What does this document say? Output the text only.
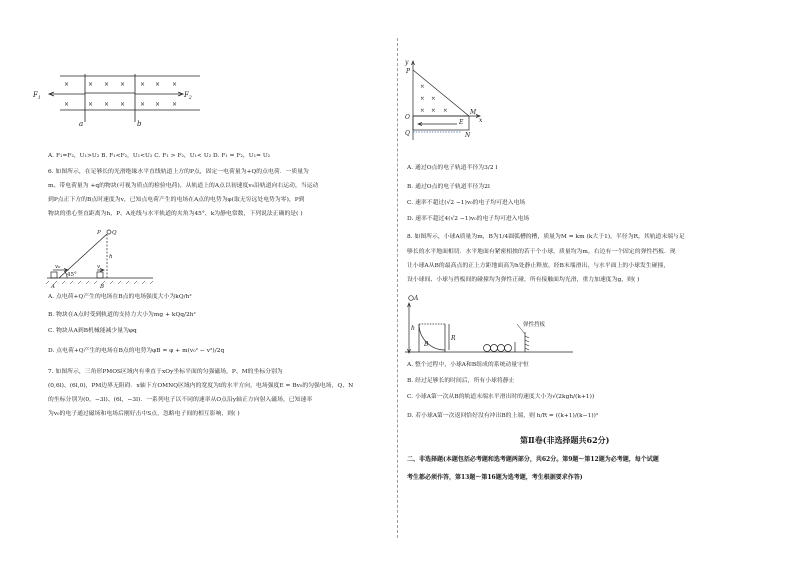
×	× × × × × ×
×	× × × × × ×
$F_1$	$F_2$
a	b
A. F₁=F₂，U₁>U₂ B. F₁<F₂，U₁<U₂ C. F₁ > F₂，U₁< U₂ D. F₁ = F₂，U₁= U₂
6. 如图所示，在足够长的光滑绝缘水平直线轨道上方的P点，固定一电荷量为+Q的点电荷．一质量为
m、带电荷量为 +q的物块(可视为质点的检验电荷)，从轨道上的A点以初速度v₀沿轨道向右运动，当运动
到P点正下方的B点时速度为v，已知点电荷产生的电场在A点的电势为φ(取无穷远处电势为零)，P到
物块的重心竖直距离为h，P、A连线与水平轨道的夹角为45°，k为静电常数，下列说法正确的是( )
P Q
h
v₀	v
45°
A	B
A. 点电荷+Q产生的电场在B点的电场强度大小为kQ/h²
B. 物块在A点时受到轨道的支持力大小为mg + kQq/2h²
C. 物块从A到B机械能减少量为φq
D. 点电荷+Q产生的电场在B点的电势为φB = φ + m(v₀² − v²)/2q
7. 如图所示，三角形PMOS区域内有垂直于xOy坐标平面的匀强磁场，P、M的坐标分别为
(0,6l)、(6l,0)，PM边界无阻碍．x轴下方OMNQ区域内的宽度为l的水平方向，电场强度E = Bv₀的匀强电场，Q、N
的坐标分别为(0，−3l)、(6l，−3l)．一系列电子以不同的速率从O点沿y轴正方向射入磁场，已知速率
为v₀的电子通过磁场和电场后刚好击中S点，忽略电子间的相互影响，则( )
×
× ×
× × ×
y
P
M
O	x
E
Q	N
A. 通过O点的电子轨道半径为3/2 l
B. 通过O点的电子轨道半径为2l
C. 速率不超过(√2 −1)v₀的电子均可进入电场
D. 速率不超过4(√2 −1)v₀的电子均可进入电场
8. 如图所示，小球A质量为m，B为1/4圆弧槽的槽，质量为M = km (k大于1)，半径为R，其轨道末端与足
够长的水平地面相切．水平地面有紧密相挨的若干个小球，质量均为m，右边有一个固定的弹性挡板．现
让小球A从B的最高点的正上方距地面高为h处静止释放，经B末端滑出，与水平面上的小球发生碰撞，
设小球间、小球与挡板间的碰撞均为弹性正碰，所有接触面均光滑，重力加速度为g，则( )
A
h
R
B
弹性挡板
A. 整个过程中，小球A和B组成的系统动量守恒
B. 经过足够长的时间后，所有小球将静止
C. 小球A第一次从B的轨道末端水平滑出时的速度大小为√(2kgh/(k+1))
D. 若小球A第一次返回恰好没有冲出B的上端，则 h/R = ((k+1)/(k−1))²
第Ⅱ卷(非选择题共62分)
二、非选择题(本题包括必考题和选考题两部分，共62分。第9题～第12题为必考题，每个试题
考生都必须作答，第13题～第16题为选考题，考生根据要求作答)
